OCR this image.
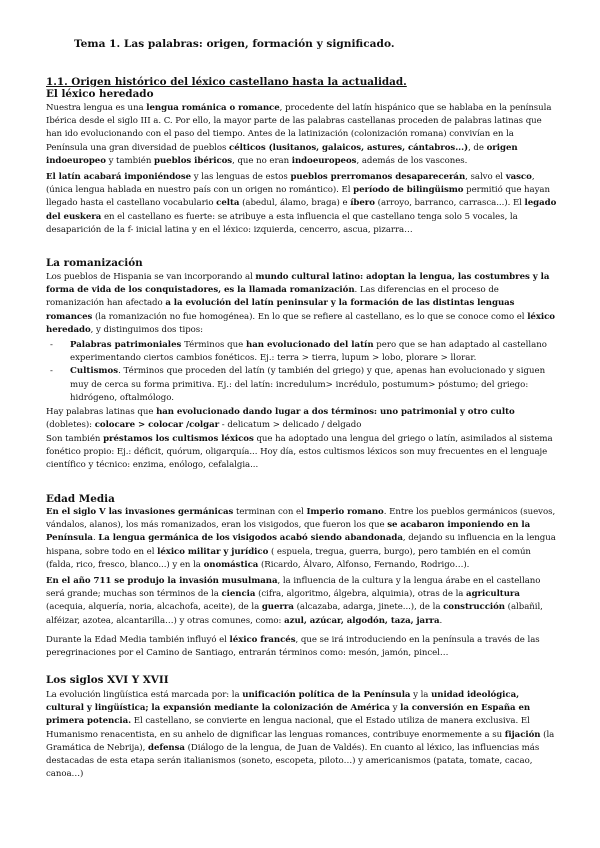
Tema 1. Las palabras: origen, formación y significado.
1.1. Origen histórico del léxico castellano hasta la actualidad.
El léxico heredado
Nuestra lengua es una lengua románica o romance, procedente del latín hispánico que se hablaba en la península Ibérica desde el siglo III a. C. Por ello, la mayor parte de las palabras castellanas proceden de palabras latinas que han ido evolucionando con el paso del tiempo. Antes de la latinización (colonización romana) convivían en la Península una gran diversidad de pueblos célticos (lusitanos, galaicos, astures, cántabros...), de origen indoeuropeo y también pueblos ibéricos, que no eran indoeuropeos, además de los vascones.
El latín acabará imponiéndose y las lenguas de estos pueblos prerromanos desaparecerán, salvo el vasco, (única lengua hablada en nuestro país con un origen no romántico). El período de bilingüismo permitió que hayan llegado hasta el castellano vocabulario celta (abedul, álamo, braga) e íbero (arroyo, barranco, carrasca...). El legado del euskera en el castellano es fuerte: se atribuye a esta influencia el que castellano tenga solo 5 vocales, la desaparición de la f- inicial latina y en el léxico: izquierda, cencerro, ascua, pizarra…
La romanización
Los pueblos de Hispania se van incorporando al mundo cultural latino: adoptan la lengua, las costumbres y la forma de vida de los conquistadores, es la llamada romanización. Las diferencias en el proceso de romanización han afectado a la evolución del latín peninsular y la formación de las distintas lenguas romances (la romanización no fue homogénea). En lo que se refiere al castellano, es lo que se conoce como el léxico heredado, y distinguimos dos tipos:
-	Palabras patrimoniales Términos que han evolucionado del latín pero que se han adaptado al castellano experimentando ciertos cambios fonéticos. Ej.: terra > tierra, lupum > lobo, plorare > llorar.
-	Cultismos. Términos que proceden del latín (y también del griego) y que, apenas han evolucionado y siguen muy de cerca su forma primitiva. Ej.: del latín: incredulum> incrédulo, postumum> póstumo; del griego: hidrógeno, oftalmólogo.
Hay palabras latinas que han evolucionado dando lugar a dos términos: uno patrimonial y otro culto (dobletes): colocare > colocar /colgar - delicatum > delicado / delgado
Son también préstamos los cultismos léxicos que ha adoptado una lengua del griego o latín, asimilados al sistema fonético propio: Ej.: déficit, quórum, oligarquía... Hoy día, estos cultismos léxicos son muy frecuentes en el lenguaje científico y técnico: enzima, enólogo, cefalalgia...
Edad Media
En el siglo V las invasiones germánicas terminan con el Imperio romano. Entre los pueblos germánicos (suevos, vándalos, alanos), los más romanizados, eran los visigodos, que fueron los que se acabaron imponiendo en la Península. La lengua germánica de los visigodos acabó siendo abandonada, dejando su influencia en la lengua hispana, sobre todo en el léxico militar y jurídico ( espuela, tregua, guerra, burgo), pero también en el común (falda, rico, fresco, blanco...) y en la onomástica (Ricardo, Álvaro, Alfonso, Fernando, Rodrigo…).
En el año 711 se produjo la invasión musulmana, la influencia de la cultura y la lengua árabe en el castellano será grande; muchas son términos de la ciencia (cifra, algoritmo, álgebra, alquimia), otras de la agricultura (acequia, alquería, noria, alcachofa, aceite), de la guerra (alcazaba, adarga, jinete...), de la construcción (albañil, alféizar, azotea, alcantarilla…) y otras comunes, como: azul, azúcar, algodón, taza, jarra.
Durante la Edad Media también influyó el léxico francés, que se irá introduciendo en la península a través de las peregrinaciones por el Camino de Santiago, entrarán términos como: mesón, jamón, pincel…
Los siglos XVI Y XVII
La evolución lingüística está marcada por: la unificación política de la Península y la unidad ideológica, cultural y lingüística; la expansión mediante la colonización de América y la conversión en España en primera potencia. El castellano, se convierte en lengua nacional, que el Estado utiliza de manera exclusiva. El Humanismo renacentista, en su anhelo de dignificar las lenguas romances, contribuye enormemente a su fijación (la Gramática de Nebrija), defensa (Diálogo de la lengua, de Juan de Valdés). En cuanto al léxico, las influencias más destacadas de esta etapa serán italianismos (soneto, escopeta, piloto…) y americanismos (patata, tomate, cacao, canoa…)
